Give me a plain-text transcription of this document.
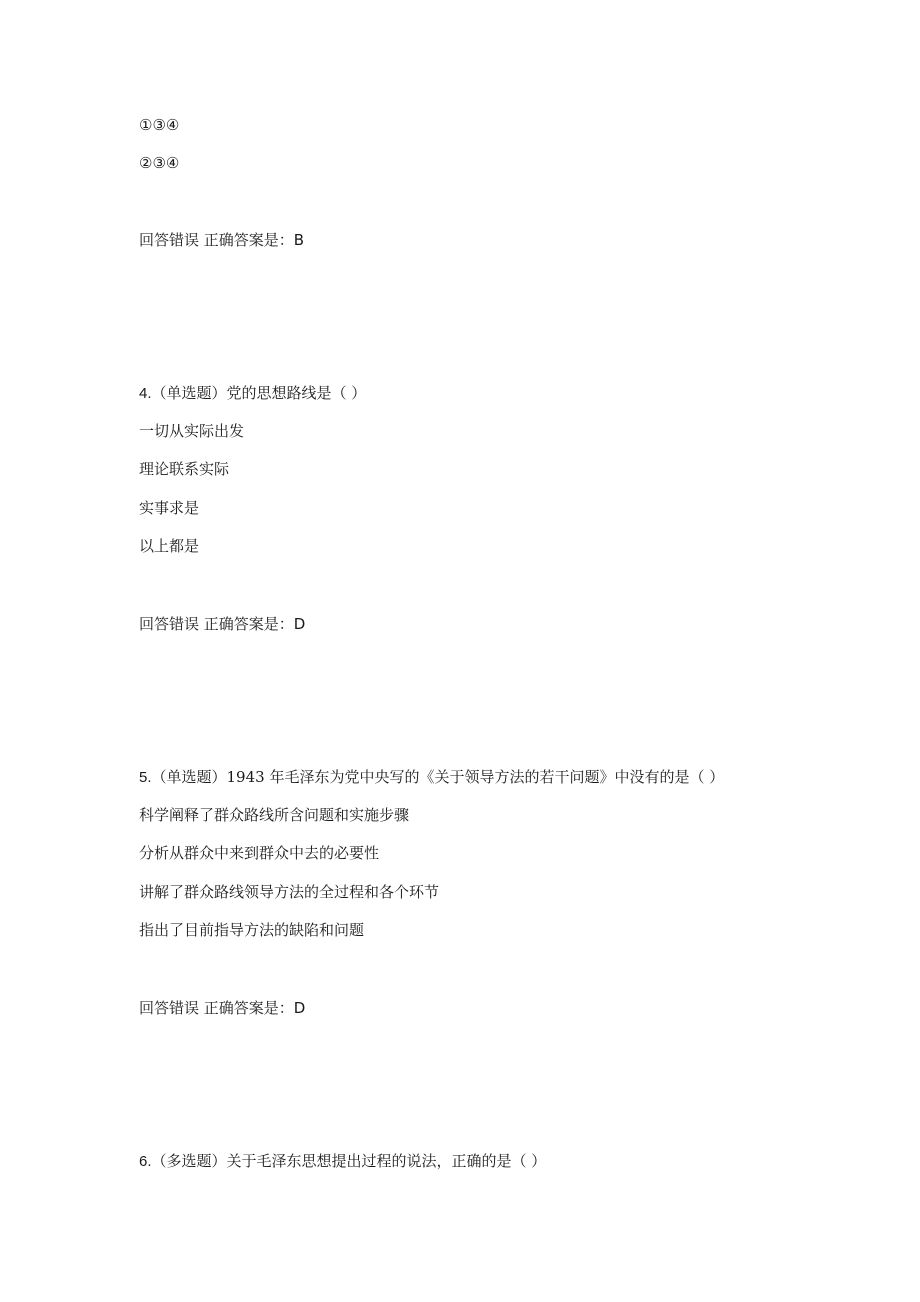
①③④
②③④
回答错误 正确答案是：B
4.（单选题）党的思想路线是（ ）
一切从实际出发
理论联系实际
实事求是
以上都是
回答错误 正确答案是：D
5.（单选题）1943 年毛泽东为党中央写的《关于领导方法的若干问题》中没有的是（ ）
科学阐释了群众路线所含问题和实施步骤
分析从群众中来到群众中去的必要性
讲解了群众路线领导方法的全过程和各个环节
指出了目前指导方法的缺陷和问题
回答错误 正确答案是：D
6.（多选题）关于毛泽东思想提出过程的说法，正确的是（ ）
